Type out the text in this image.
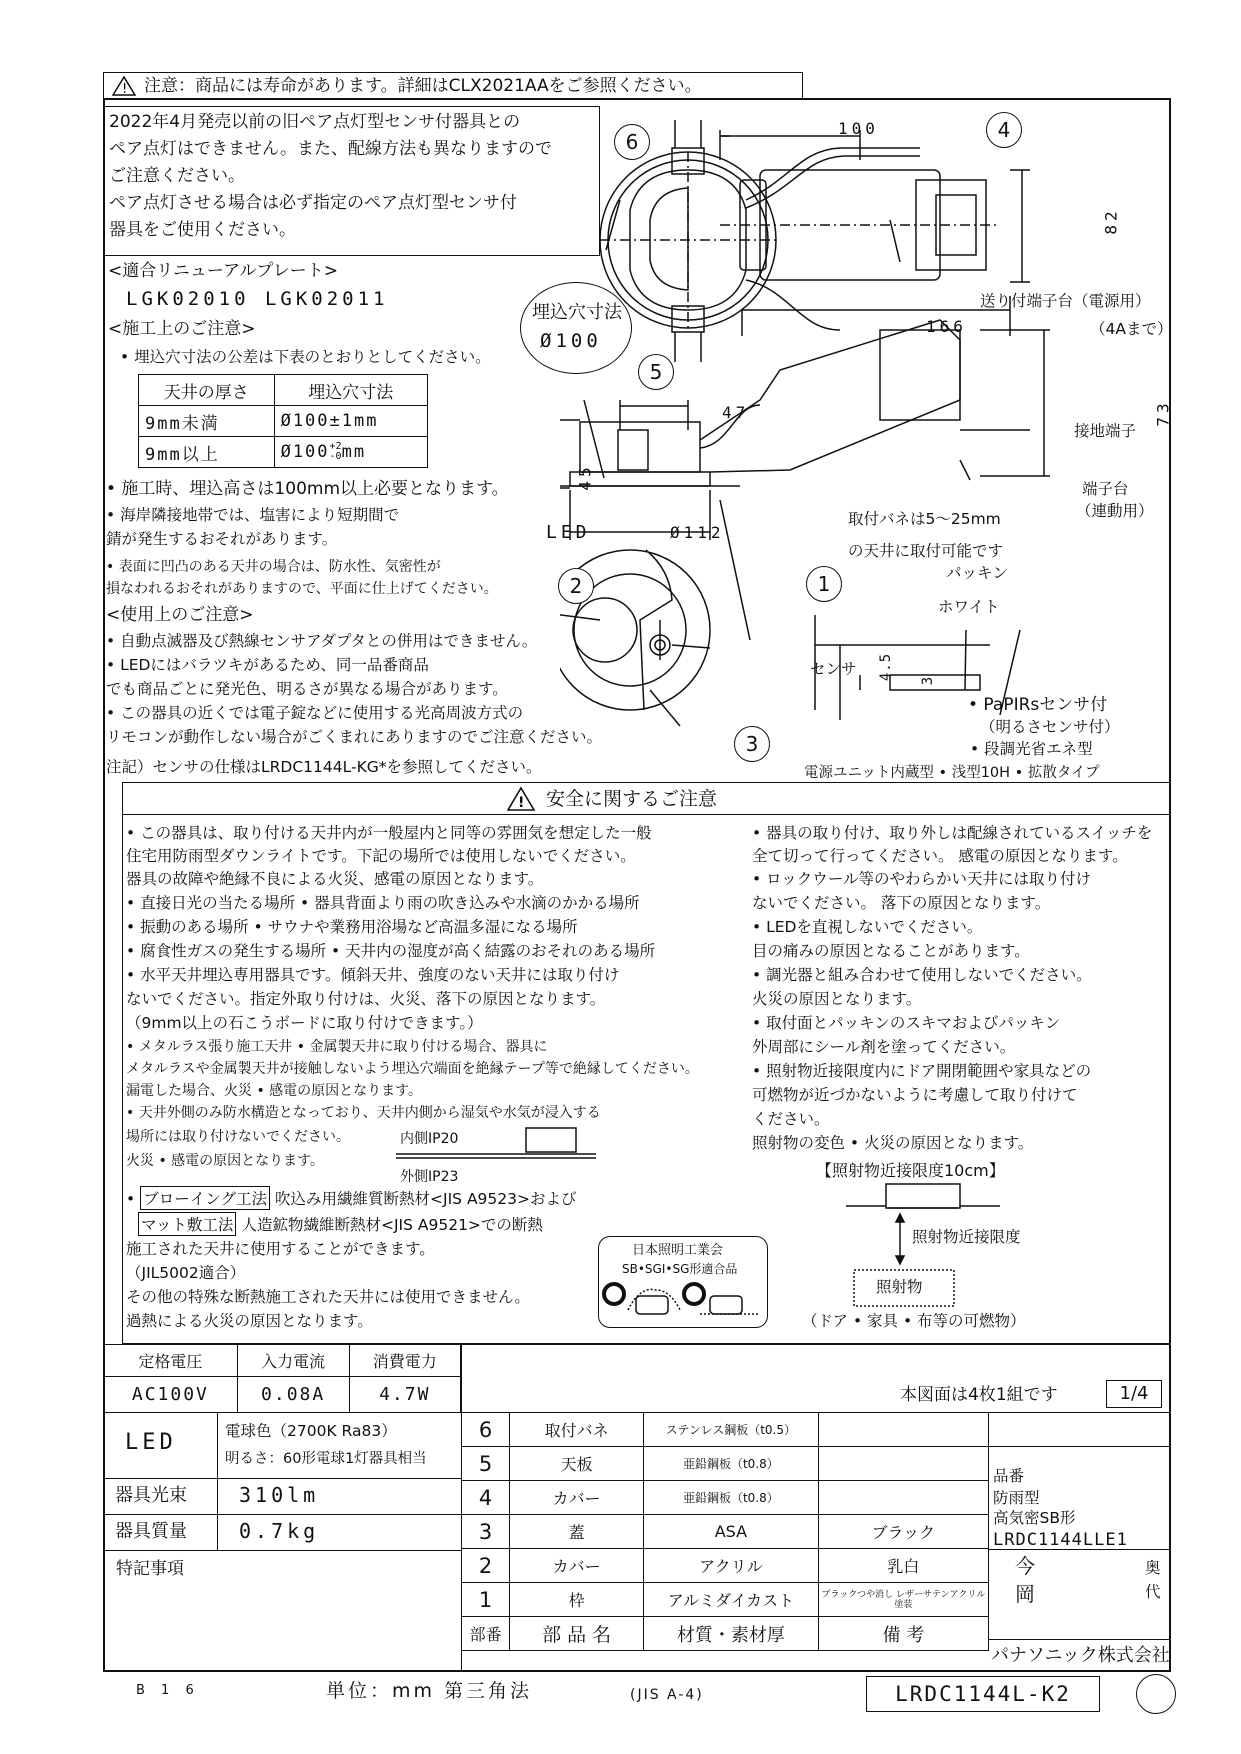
! 注意：商品には寿命があります。詳細はCLX2021AAをご参照ください。
2022年4月発売以前の旧ペア点灯型センサ付器具との
ペア点灯はできません。また、配線方法も異なりますので
ご注意ください。
ペア点灯させる場合は必ず指定のペア点灯型センサ付
器具をご使用ください。
<適合リニューアルプレート>
LGK02010 LGK02011
埋込穴寸法
Ø100
<施工上のご注意>
• 埋込穴寸法の公差は下表のとおりとしてください。
天井の厚さ	埋込穴寸法
9mm未満	Ø100±1mm
9mm以上	Ø100+2
-0mm
• 施工時、埋込高さは100mm以上必要となります。
• 海岸隣接地帯では、塩害により短期間で
錆が発生するおそれがあります。
• 表面に凹凸のある天井の場合は、防水性、気密性が
損なわれるおそれがありますので、平面に仕上げてください。
<使用上のご注意>
• 自動点滅器及び熱線センサアダプタとの併用はできません。
• LEDにはバラツキがあるため、同一品番商品
でも商品ごとに発光色、明るさが異なる場合があります。
• この器具の近くでは電子錠などに使用する光高周波方式の
リモコンが動作しない場合がごくまれにありますのでご注意ください。
注記）センサの仕様はLRDC1144L-KG*を参照してください。
6	4
5
2	1
3
100
82
送り付端子台（電源用）
166	（4Aまで）
73
接地端子
47
45	端子台
（連動用）
Ø112
LED
取付バネは5〜25mm
の天井に取付可能です
パッキン
ホワイト
センサ 4.5 3
• PaPIRsセンサ付
（明るさセンサ付）
• 段調光省エネ型
電源ユニット内蔵型 • 浅型10H • 拡散タイプ
! 安全に関するご注意
• この器具は、取り付ける天井内が一般屋内と同等の雰囲気を想定した一般
住宅用防雨型ダウンライトです。下記の場所では使用しないでください。
器具の故障や絶縁不良による火災、感電の原因となります。
• 直接日光の当たる場所 • 器具背面より雨の吹き込みや水滴のかかる場所
• 振動のある場所 • サウナや業務用浴場など高温多湿になる場所
• 腐食性ガスの発生する場所 • 天井内の湿度が高く結露のおそれのある場所
• 水平天井埋込専用器具です。傾斜天井、強度のない天井には取り付け
ないでください。指定外取り付けは、火災、落下の原因となります。
（9mm以上の石こうボードに取り付けできます。）
• メタルラス張り施工天井 • 金属製天井に取り付ける場合、器具に
メタルラスや金属製天井が接触しないよう埋込穴端面を絶縁テープ等で絶縁してください。
漏電した場合、火災 • 感電の原因となります。
• 天井外側のみ防水構造となっており、天井内側から湿気や水気が浸入する
場所には取り付けないでください。
火災 • 感電の原因となります。
内側IP20
外側IP23
• ブローイング工法 吹込み用繊維質断熱材<JIS A9523>および
マット敷工法 人造鉱物繊維断熱材<JIS A9521>での断熱
施工された天井に使用することができます。
（JIL5002適合）
その他の特殊な断熱施工された天井には使用できません。
過熱による火災の原因となります。
日本照明工業会
SB•SGI•SG形適合品
• 器具の取り付け、取り外しは配線されているスイッチを
全て切って行ってください。 感電の原因となります。
• ロックウール等のやわらかい天井には取り付け
ないでください。 落下の原因となります。
• LEDを直視しないでください。
目の痛みの原因となることがあります。
• 調光器と組み合わせて使用しないでください。
火災の原因となります。
• 取付面とパッキンのスキマおよびパッキン
外周部にシール剤を塗ってください。
• 照射物近接限度内にドア開閉範囲や家具などの
可燃物が近づかないように考慮して取り付けて
ください。
照射物の変色 • 火災の原因となります。
【照射物近接限度10cm】
照射物近接限度
照射物
（ドア • 家具 • 布等の可燃物）
定格電圧	入力電流	消費電力
AC100V	0.08A	4.7W
LED	電球色（2700K Ra83）
明るさ：60形電球1灯器具相当
器具光束	310lm
器具質量	0.7kg
特記事項
本図面は4枚1組です	1/4
6	取付バネ	ステンレス鋼板（t0.5）	
5	天板	亜鉛鋼板（t0.8）	
4	カバー	亜鉛鋼板（t0.8）	
3	蓋	ASA	ブラック
2	カバー	アクリル	乳白
1	枠	アルミダイカスト	ブラックつや消し レザーサテンアクリル塗装
部番	部 品 名	材質・素材厚	備 考
品番
防雨型
高気密SB形
LRDC1144LLE1
今	奥
岡	代
パナソニック株式会社
B 1 6	単位：mm 第三角法	(JIS A-4)	LRDC1144L-K2
